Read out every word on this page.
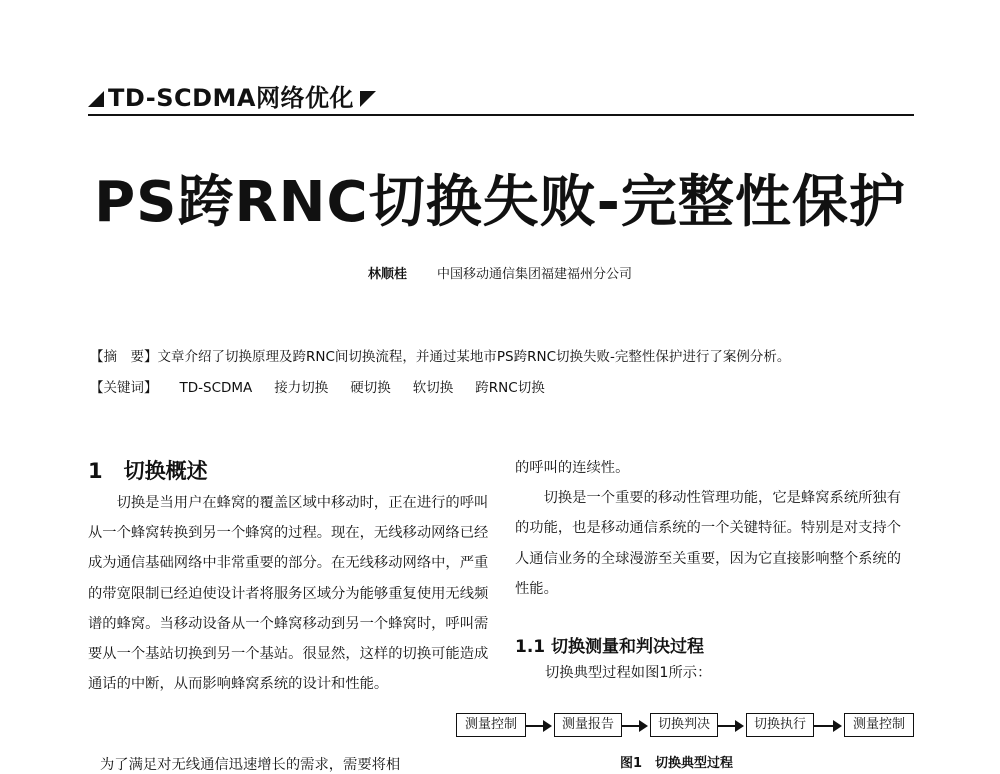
TD-SCDMA网络优化
PS跨RNC切换失败-完整性保护
林顺桂 中国移动通信集团福建福州分公司
【摘　要】文章介绍了切换原理及跨RNC间切换流程，并通过某地市PS跨RNC切换失败-完整性保护进行了案例分析。
【关键词】 TD-SCDMA 接力切换 硬切换 软切换 跨RNC切换
1　切换概述

切换是当用户在蜂窝的覆盖区域中移动时，正在进行的呼叫从一个蜂窝转换到另一个蜂窝的过程。现在，无线移动网络已经成为通信基础网络中非常重要的部分。在无线移动网络中，严重的带宽限制已经迫使设计者将服务区域分为能够重复使用无线频谱的蜂窝。当移动设备从一个蜂窝移动到另一个蜂窝时，呼叫需要从一个基站切换到另一个基站。很显然，这样的切换可能造成通话的中断，从而影响蜂窝系统的设计和性能。

为了满足对无线通信迅速增长的需求，需要将相

的呼叫的连续性。

切换是一个重要的移动性管理功能，它是蜂窝系统所独有的功能，也是移动通信系统的一个关键特征。特别是对支持个人通信业务的全球漫游至关重要，因为它直接影响整个系统的性能。

1.1 切换测量和判决过程
切换典型过程如图1所示：
测量控制	测量报告	切换判决	切换执行	测量控制
图1　切换典型过程
